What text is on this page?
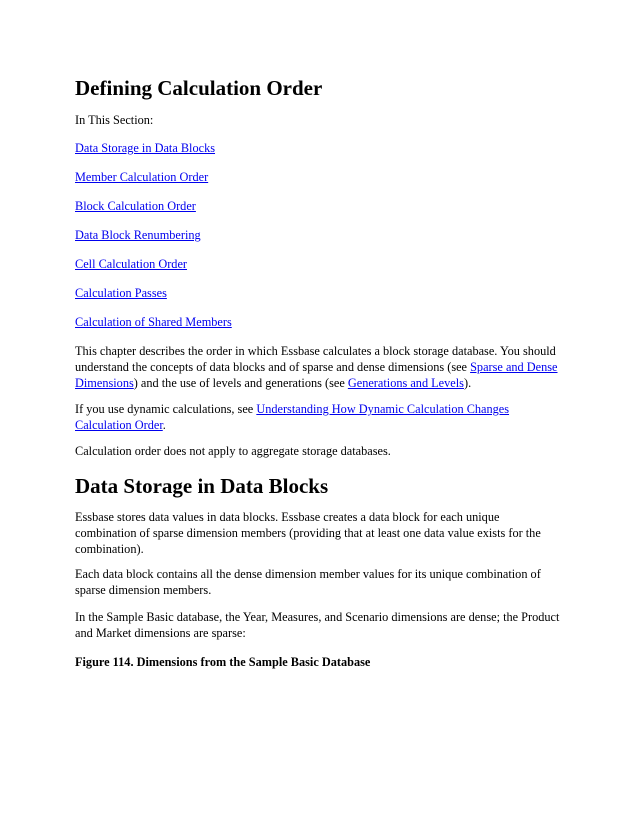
Defining Calculation Order

In This Section:

Data Storage in Data Blocks
Member Calculation Order
Block Calculation Order
Data Block Renumbering
Cell Calculation Order
Calculation Passes
Calculation of Shared Members

This chapter describes the order in which Essbase calculates a block storage database. You should understand the concepts of data blocks and of sparse and dense dimensions (see Sparse and Dense Dimensions) and the use of levels and generations (see Generations and Levels).

If you use dynamic calculations, see Understanding How Dynamic Calculation Changes Calculation Order.

Calculation order does not apply to aggregate storage databases.

Data Storage in Data Blocks

Essbase stores data values in data blocks. Essbase creates a data block for each unique combination of sparse dimension members (providing that at least one data value exists for the combination).

Each data block contains all the dense dimension member values for its unique combination of sparse dimension members.

In the Sample Basic database, the Year, Measures, and Scenario dimensions are dense; the Product and Market dimensions are sparse:

Figure 114. Dimensions from the Sample Basic Database
